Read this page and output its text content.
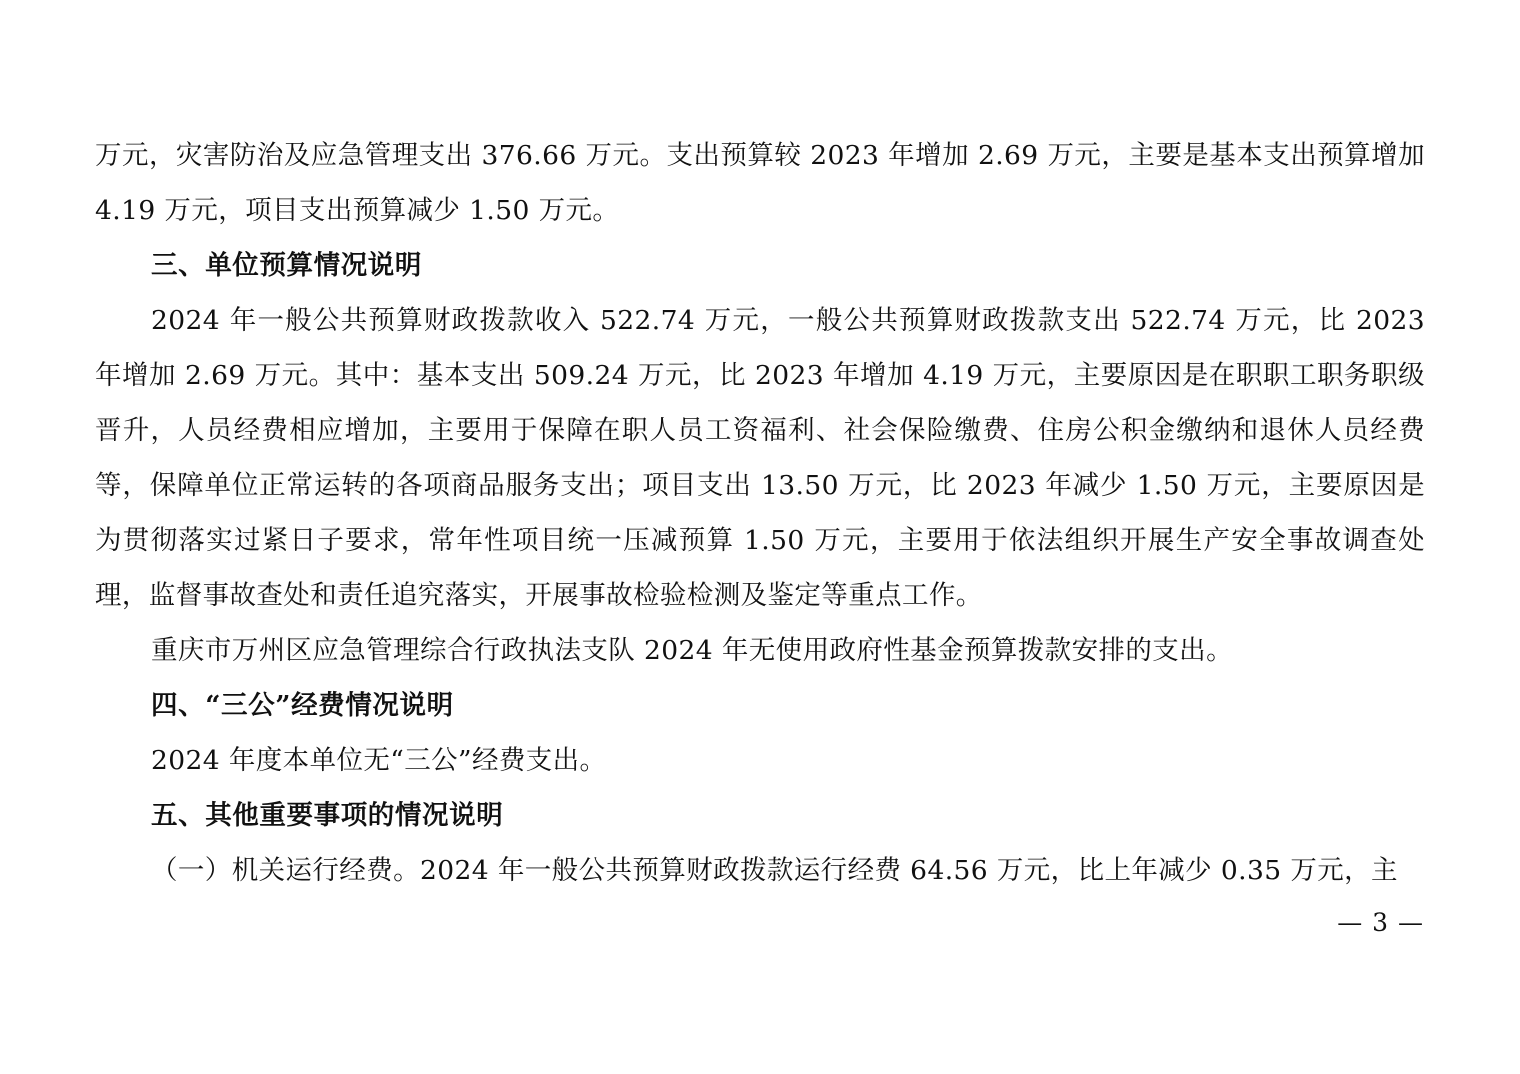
万元，灾害防治及应急管理支出 376.66 万元。支出预算较 2023 年增加 2.69 万元，主要是基本支出预算增加 4.19 万元，项目支出预算减少 1.50 万元。

三、单位预算情况说明

2024 年一般公共预算财政拨款收入 522.74 万元，一般公共预算财政拨款支出 522.74 万元，比 2023 年增加 2.69 万元。其中：基本支出 509.24 万元，比 2023 年增加 4.19 万元，主要原因是在职职工职务职级晋升，人员经费相应增加，主要用于保障在职人员工资福利、社会保险缴费、住房公积金缴纳和退休人员经费等，保障单位正常运转的各项商品服务支出；项目支出 13.50 万元，比 2023 年减少 1.50 万元，主要原因是为贯彻落实过紧日子要求，常年性项目统一压减预算 1.50 万元，主要用于依法组织开展生产安全事故调查处理，监督事故查处和责任追究落实，开展事故检验检测及鉴定等重点工作。

重庆市万州区应急管理综合行政执法支队 2024 年无使用政府性基金预算拨款安排的支出。

四、“三公”经费情况说明

2024 年度本单位无“三公”经费支出。

五、其他重要事项的情况说明

（一）机关运行经费。2024 年一般公共预算财政拨款运行经费 64.56 万元，比上年减少 0.35 万元，主

— 3 —
